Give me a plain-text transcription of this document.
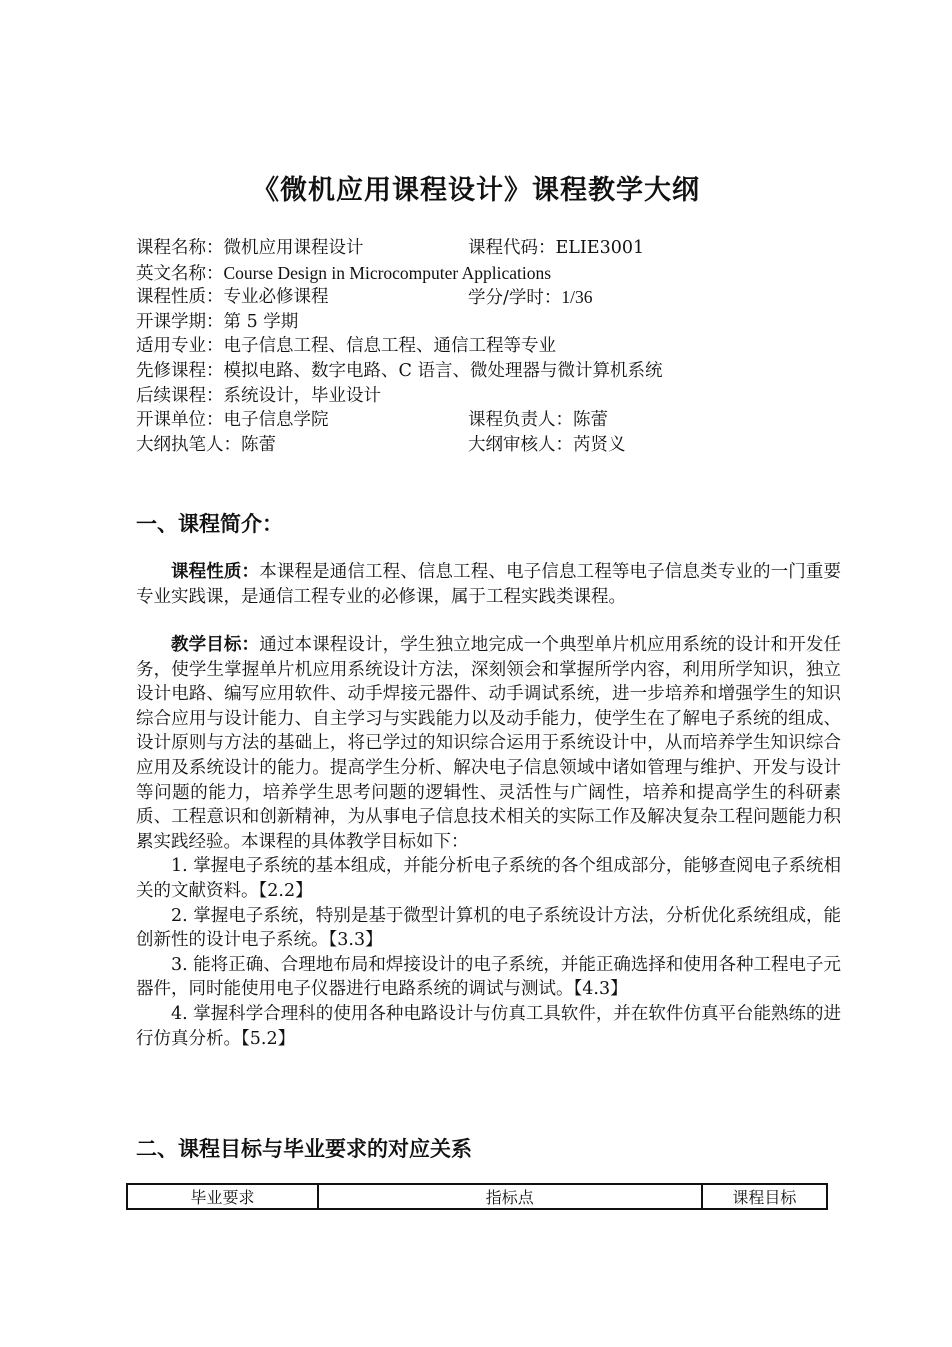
《微机应用课程设计》课程教学大纲
课程名称：微机应用课程设计	课程代码：ELIE3001
英文名称：Course Design in Microcomputer Applications
课程性质：专业必修课程	学分/学时：1/36
开课学期：第 5 学期
适用专业：电子信息工程、信息工程、通信工程等专业
先修课程：模拟电路、数字电路、C 语言、微处理器与微计算机系统
后续课程：系统设计，毕业设计
开课单位：电子信息学院	课程负责人：陈蕾
大纲执笔人：陈蕾	大纲审核人：芮贤义
一、课程简介：

课程性质：本课程是通信工程、信息工程、电子信息工程等电子信息类专业的一门重要专业实践课，是通信工程专业的必修课，属于工程实践类课程。

教学目标：通过本课程设计，学生独立地完成一个典型单片机应用系统的设计和开发任务，使学生掌握单片机应用系统设计方法，深刻领会和掌握所学内容，利用所学知识，独立设计电路、编写应用软件、动手焊接元器件、动手调试系统，进一步培养和增强学生的知识综合应用与设计能力、自主学习与实践能力以及动手能力，使学生在了解电子系统的组成、设计原则与方法的基础上，将已学过的知识综合运用于系统设计中，从而培养学生知识综合应用及系统设计的能力。提高学生分析、解决电子信息领域中诸如管理与维护、开发与设计等问题的能力，培养学生思考问题的逻辑性、灵活性与广阔性，培养和提高学生的科研素质、工程意识和创新精神，为从事电子信息技术相关的实际工作及解决复杂工程问题能力积累实践经验。本课程的具体教学目标如下：

1. 掌握电子系统的基本组成，并能分析电子系统的各个组成部分，能够查阅电子系统相关的文献资料。【2.2】

2. 掌握电子系统，特别是基于微型计算机的电子系统设计方法，分析优化系统组成，能创新性的设计电子系统。【3.3】

3. 能将正确、合理地布局和焊接设计的电子系统，并能正确选择和使用各种工程电子元器件，同时能使用电子仪器进行电路系统的调试与测试。【4.3】

4. 掌握科学合理科的使用各种电路设计与仿真工具软件，并在软件仿真平台能熟练的进行仿真分析。【5.2】

二、课程目标与毕业要求的对应关系
毕业要求	指标点	课程目标
